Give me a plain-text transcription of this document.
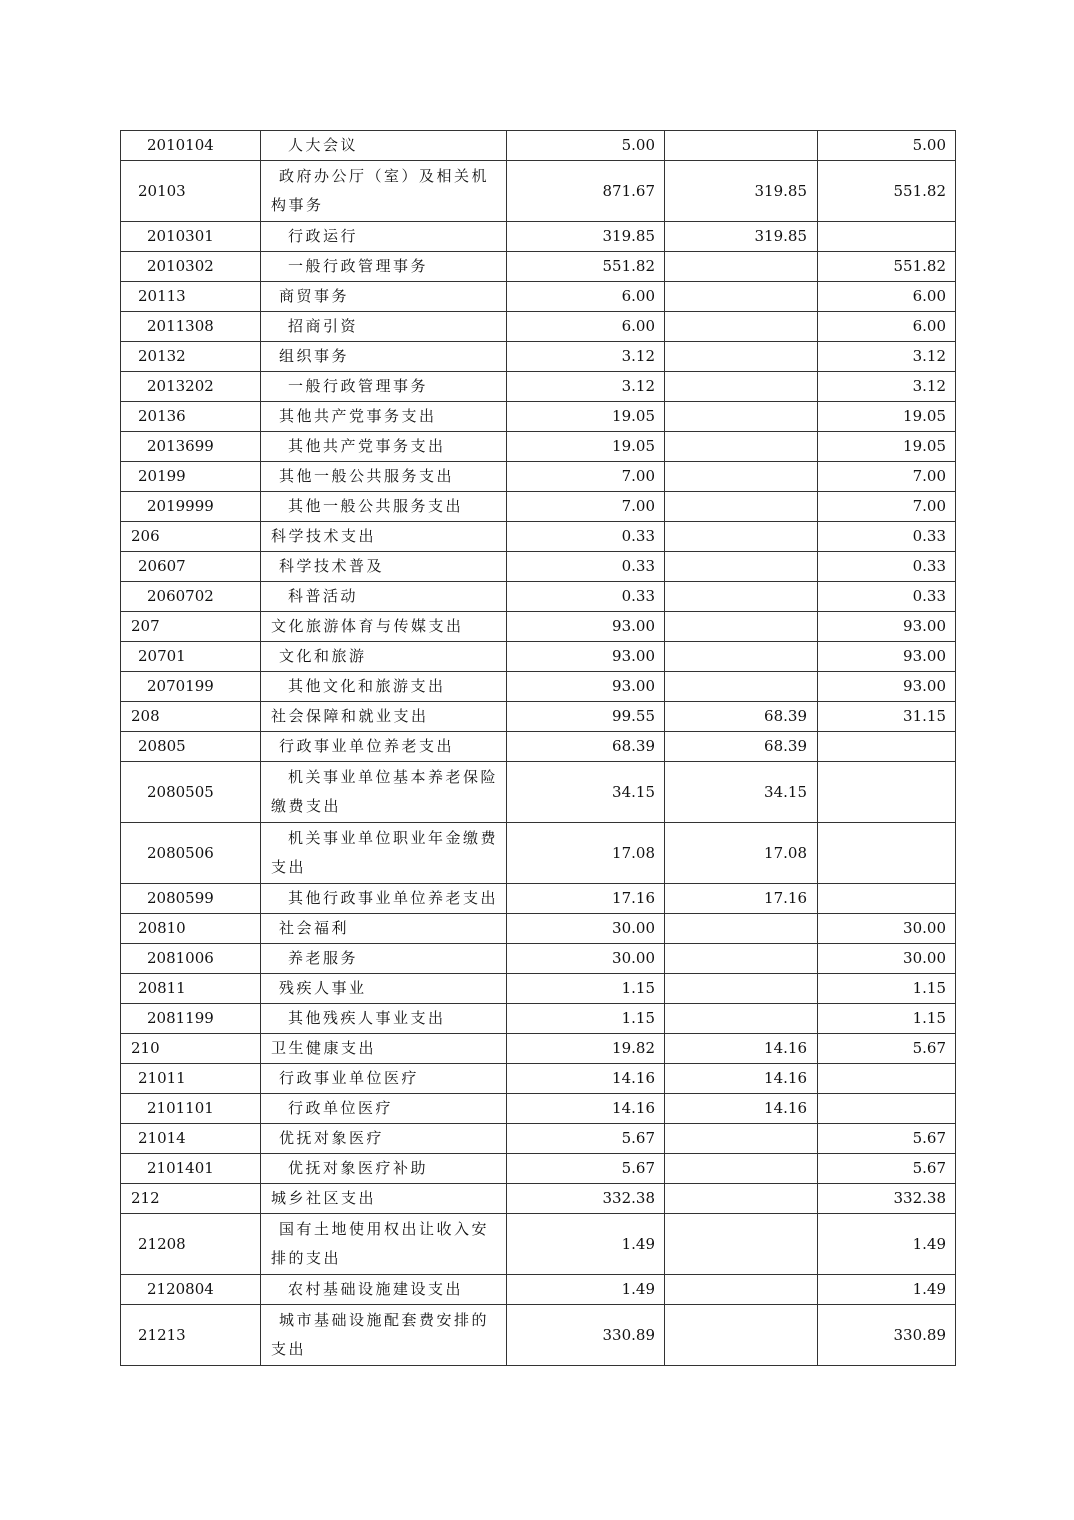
2010104	人大会议	5.00		5.00
20103	政府办公厅（室）及相关机构事务	871.67	319.85	551.82
2010301	行政运行	319.85	319.85	
2010302	一般行政管理事务	551.82		551.82
20113	商贸事务	6.00		6.00
2011308	招商引资	6.00		6.00
20132	组织事务	3.12		3.12
2013202	一般行政管理事务	3.12		3.12
20136	其他共产党事务支出	19.05		19.05
2013699	其他共产党事务支出	19.05		19.05
20199	其他一般公共服务支出	7.00		7.00
2019999	其他一般公共服务支出	7.00		7.00
206	科学技术支出	0.33		0.33
20607	科学技术普及	0.33		0.33
2060702	科普活动	0.33		0.33
207	文化旅游体育与传媒支出	93.00		93.00
20701	文化和旅游	93.00		93.00
2070199	其他文化和旅游支出	93.00		93.00
208	社会保障和就业支出	99.55	68.39	31.15
20805	行政事业单位养老支出	68.39	68.39	
2080505	机关事业单位基本养老保险缴费支出	34.15	34.15	
2080506	机关事业单位职业年金缴费支出	17.08	17.08	
2080599	其他行政事业单位养老支出	17.16	17.16	
20810	社会福利	30.00		30.00
2081006	养老服务	30.00		30.00
20811	残疾人事业	1.15		1.15
2081199	其他残疾人事业支出	1.15		1.15
210	卫生健康支出	19.82	14.16	5.67
21011	行政事业单位医疗	14.16	14.16	
2101101	行政单位医疗	14.16	14.16	
21014	优抚对象医疗	5.67		5.67
2101401	优抚对象医疗补助	5.67		5.67
212	城乡社区支出	332.38		332.38
21208	国有土地使用权出让收入安排的支出	1.49		1.49
2120804	农村基础设施建设支出	1.49		1.49
21213	城市基础设施配套费安排的支出	330.89		330.89
